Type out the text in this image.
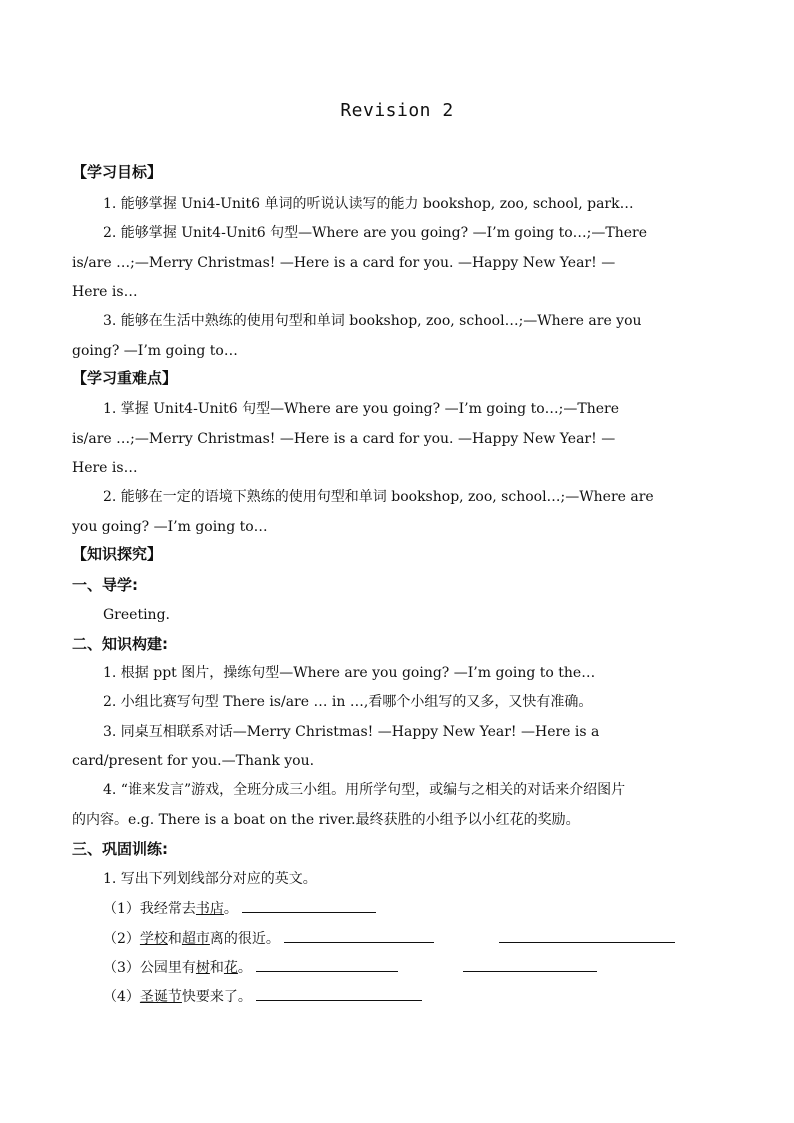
Revision 2
【学习目标】
1. 能够掌握 Uni4-Unit6 单词的听说认读写的能力 bookshop, zoo, school, park…
2. 能够掌握 Unit4-Unit6 句型—Where are you going? —I’m going to…;—There
is/are …;—Merry Christmas! —Here is a card for you. —Happy New Year! —
Here is…
3. 能够在生活中熟练的使用句型和单词 bookshop, zoo, school…;—Where are you
going? —I’m going to…
【学习重难点】
1. 掌握 Unit4-Unit6 句型—Where are you going? —I’m going to…;—There
is/are …;—Merry Christmas! —Here is a card for you. —Happy New Year! —
Here is…
2. 能够在一定的语境下熟练的使用句型和单词 bookshop, zoo, school…;—Where are
you going? —I’m going to…
【知识探究】
一、导学:
Greeting.
二、知识构建:
1. 根据 ppt 图片，操练句型—Where are you going? —I’m going to the…
2. 小组比赛写句型 There is/are … in …,看哪个小组写的又多，又快有准确。
3. 同桌互相联系对话—Merry Christmas! —Happy New Year! —Here is a
card/present for you.—Thank you.
4. “谁来发言”游戏，全班分成三小组。用所学句型，或编与之相关的对话来介绍图片
的内容。e.g. There is a boat on the river.最终获胜的小组予以小红花的奖励。
三、巩固训练:
1. 写出下列划线部分对应的英文。
（1）我经常去书店。
（2）学校和超市离的很近。
（3）公园里有树和花。
（4）圣诞节快要来了。
